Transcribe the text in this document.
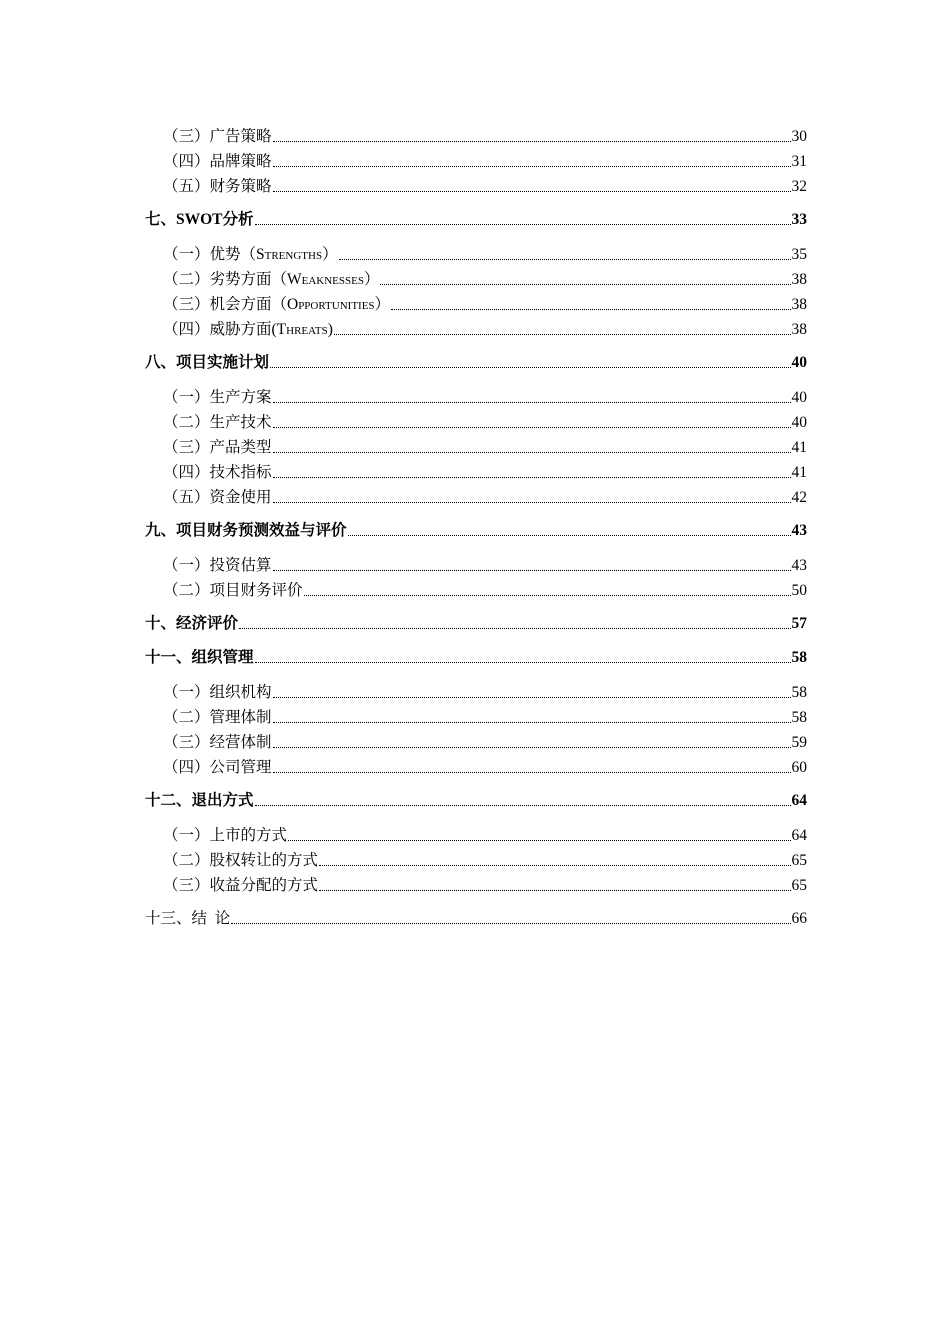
（三）广告策略	30
（四）品牌策略	31
（五）财务策略	32
七、SWOT分析	33
（一）优势（Strengths）	35
（二）劣势方面（Weaknesses）	38
（三）机会方面（Opportunities）	38
（四）威胁方面(Threats)	38
八、项目实施计划	40
（一）生产方案	40
（二）生产技术	40
（三）产品类型	41
（四）技术指标	41
（五）资金使用	42
九、项目财务预测效益与评价	43
（一）投资估算	43
（二）项目财务评价	50
十、经济评价	57
十一、组织管理	58
（一）组织机构	58
（二）管理体制	58
（三）经营体制	59
（四）公司管理	60
十二、退出方式	64
（一）上市的方式	64
（二）股权转让的方式	65
（三）收益分配的方式	65
十三、结  论	66
